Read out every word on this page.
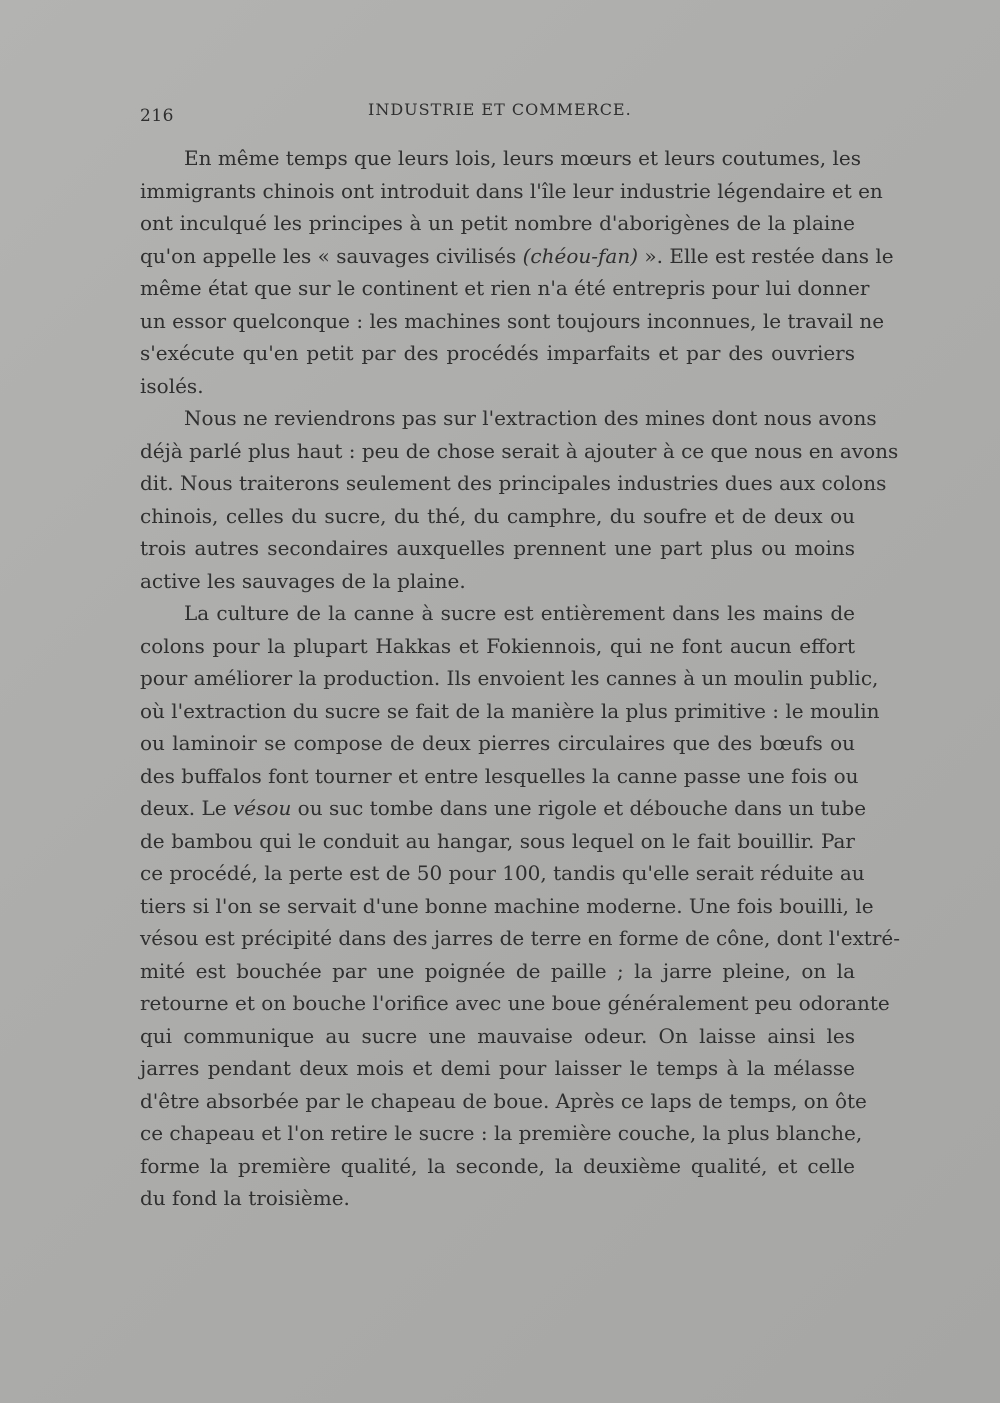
216	INDUSTRIE ET COMMERCE.
En même temps que leurs lois, leurs mœurs et leurs coutumes, les
immigrants chinois ont introduit dans l'île leur industrie légendaire et en
ont inculqué les principes à un petit nombre d'aborigènes de la plaine
qu'on appelle les « sauvages civilisés (chéou-fan) ». Elle est restée dans le
même état que sur le continent et rien n'a été entrepris pour lui donner
un essor quelconque : les machines sont toujours inconnues, le travail ne
s'exécute qu'en petit par des procédés imparfaits et par des ouvriers
isolés.
Nous ne reviendrons pas sur l'extraction des mines dont nous avons
déjà parlé plus haut : peu de chose serait à ajouter à ce que nous en avons
dit. Nous traiterons seulement des principales industries dues aux colons
chinois, celles du sucre, du thé, du camphre, du soufre et de deux ou
trois autres secondaires auxquelles prennent une part plus ou moins
active les sauvages de la plaine.
La culture de la canne à sucre est entièrement dans les mains de
colons pour la plupart Hakkas et Fokiennois, qui ne font aucun effort
pour améliorer la production. Ils envoient les cannes à un moulin public,
où l'extraction du sucre se fait de la manière la plus primitive : le moulin
ou laminoir se compose de deux pierres circulaires que des bœufs ou
des buffalos font tourner et entre lesquelles la canne passe une fois ou
deux. Le vésou ou suc tombe dans une rigole et débouche dans un tube
de bambou qui le conduit au hangar, sous lequel on le fait bouillir. Par
ce procédé, la perte est de 50 pour 100, tandis qu'elle serait réduite au
tiers si l'on se servait d'une bonne machine moderne. Une fois bouilli, le
vésou est précipité dans des jarres de terre en forme de cône, dont l'extré-
mité est bouchée par une poignée de paille ; la jarre pleine, on la
retourne et on bouche l'orifice avec une boue généralement peu odorante
qui communique au sucre une mauvaise odeur. On laisse ainsi les
jarres pendant deux mois et demi pour laisser le temps à la mélasse
d'être absorbée par le chapeau de boue. Après ce laps de temps, on ôte
ce chapeau et l'on retire le sucre : la première couche, la plus blanche,
forme la première qualité, la seconde, la deuxième qualité, et celle
du fond la troisième.
